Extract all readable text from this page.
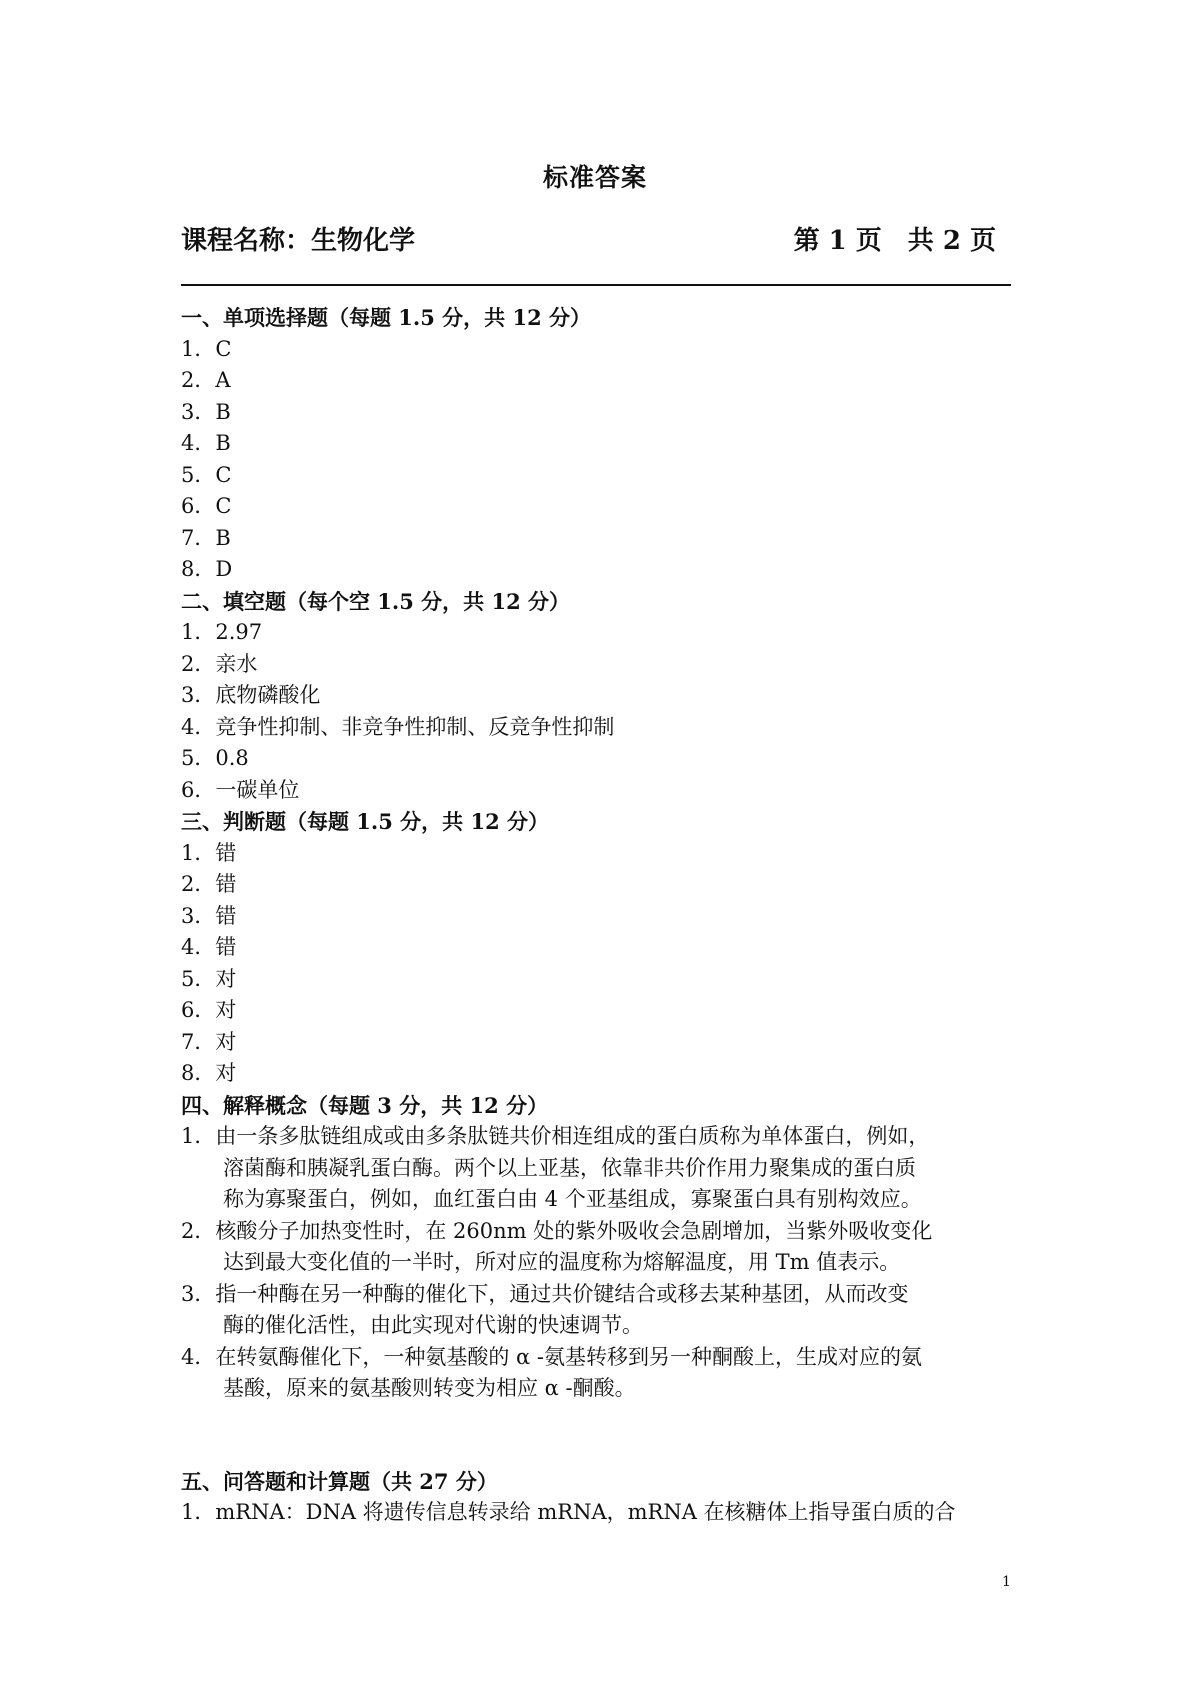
标准答案
课程名称：生物化学	第 1 页　共 2 页
一、单项选择题（每题 1.5 分，共 12 分）
1．C
2．A
3．B
4．B
5．C
6．C
7．B
8．D
二、填空题（每个空 1.5 分，共 12 分）
1．2.97
2．亲水
3．底物磷酸化
4．竞争性抑制、非竞争性抑制、反竞争性抑制
5．0.8
6．一碳单位
三、判断题（每题 1.5 分，共 12 分）
1．错
2．错
3．错
4．错
5．对
6．对
7．对
8．对
四、解释概念（每题 3 分，共 12 分）
1．由一条多肽链组成或由多条肽链共价相连组成的蛋白质称为单体蛋白，例如，
　　溶菌酶和胰凝乳蛋白酶。两个以上亚基，依靠非共价作用力聚集成的蛋白质
　　称为寡聚蛋白，例如，血红蛋白由 4 个亚基组成，寡聚蛋白具有别构效应。
2．核酸分子加热变性时，在 260nm 处的紫外吸收会急剧增加，当紫外吸收变化
　　达到最大变化值的一半时，所对应的温度称为熔解温度，用 Tm 值表示。
3．指一种酶在另一种酶的催化下，通过共价键结合或移去某种基团，从而改变
　　酶的催化活性，由此实现对代谢的快速调节。
4．在转氨酶催化下，一种氨基酸的 α -氨基转移到另一种酮酸上，生成对应的氨
　　基酸，原来的氨基酸则转变为相应 α -酮酸。
五、问答题和计算题（共 27 分）
1．mRNA：DNA 将遗传信息转录给 mRNA，mRNA 在核糖体上指导蛋白质的合
1
